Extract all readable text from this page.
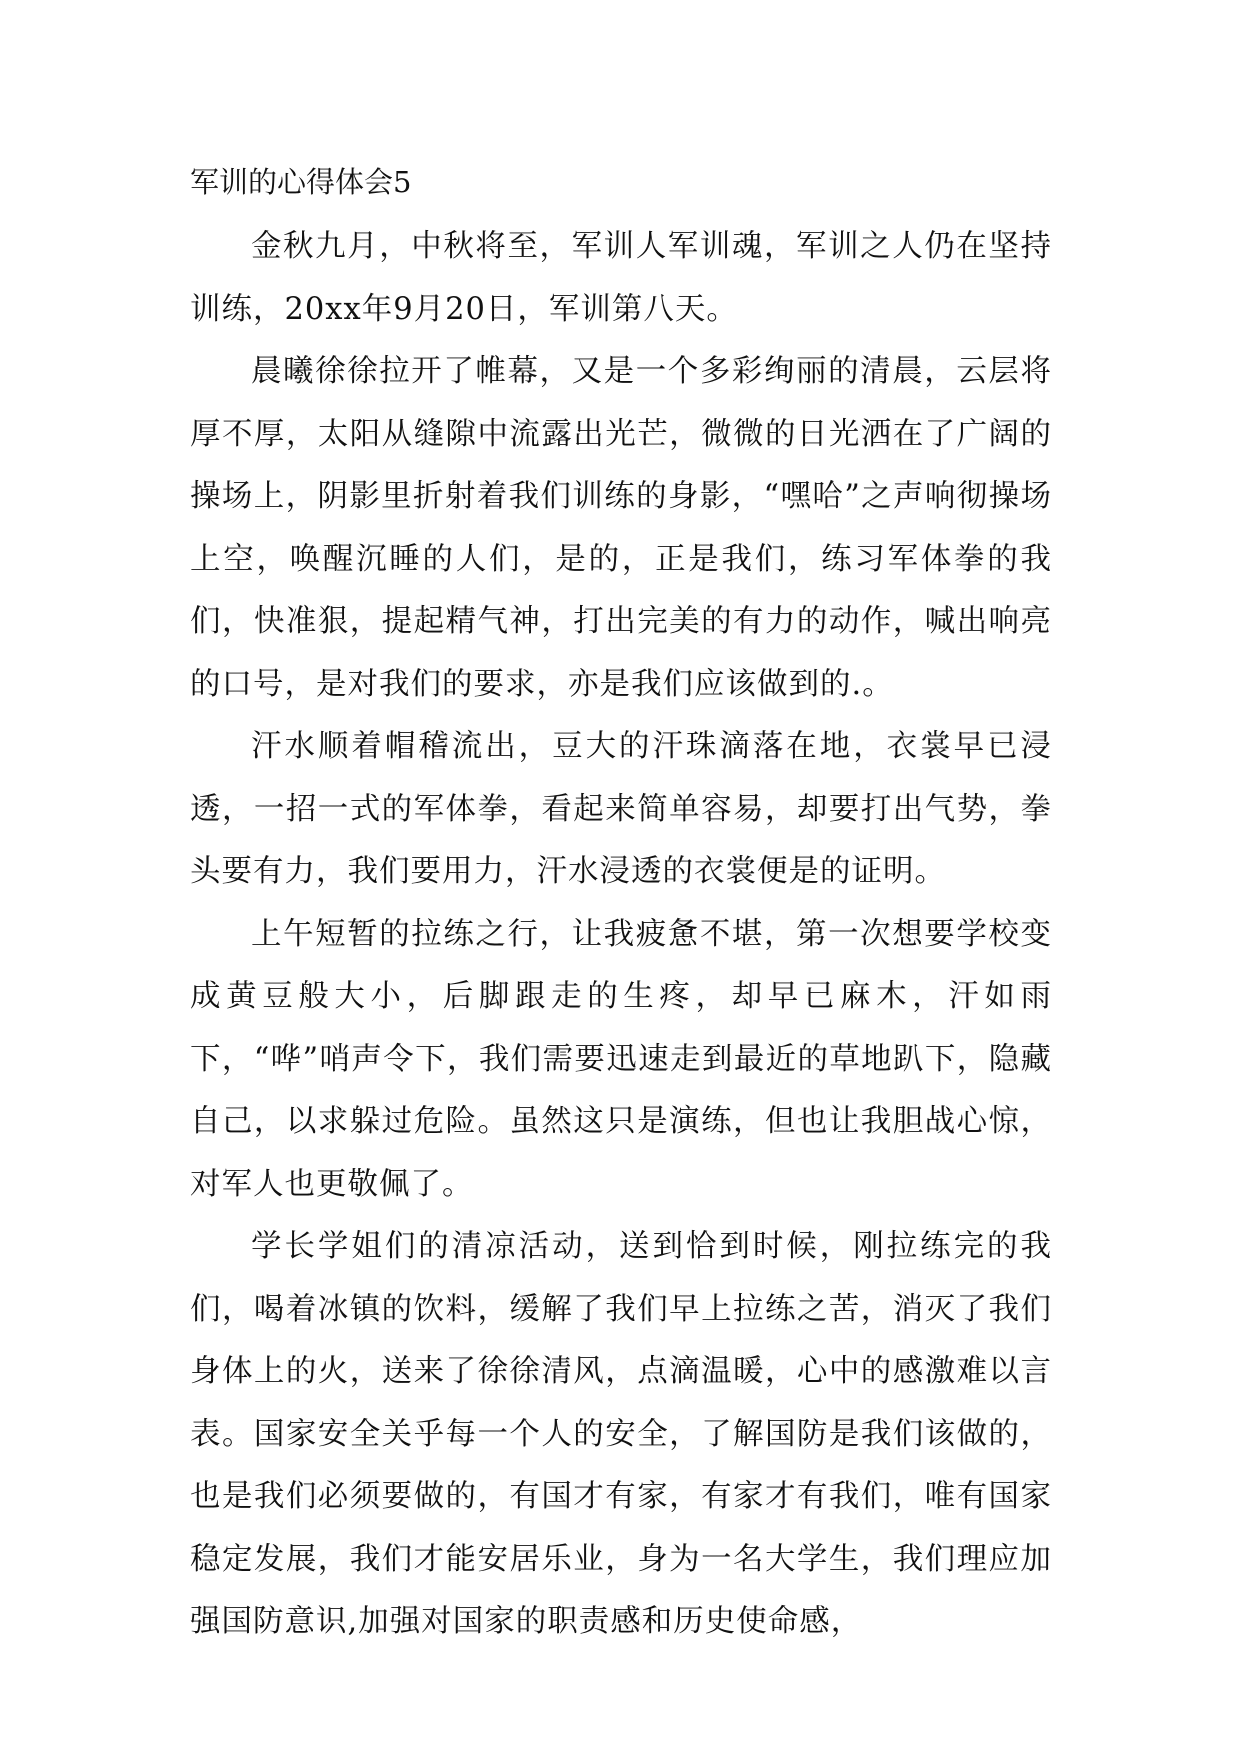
军训的心得体会5

金秋九月，中秋将至，军训人军训魂，军训之人仍在坚持训练，20xx年9月20日，军训第八天。

晨曦徐徐拉开了帷幕，又是一个多彩绚丽的清晨，云层将厚不厚，太阳从缝隙中流露出光芒，微微的日光洒在了广阔的操场上，阴影里折射着我们训练的身影，“嘿哈”之声响彻操场上空，唤醒沉睡的人们，是的，正是我们，练习军体拳的我们，快准狠，提起精气神，打出完美的有力的动作，喊出响亮的口号，是对我们的要求，亦是我们应该做到的.。

汗水顺着帽稽流出，豆大的汗珠滴落在地，衣裳早已浸透，一招一式的军体拳，看起来简单容易，却要打出气势，拳头要有力，我们要用力，汗水浸透的衣裳便是的证明。

上午短暂的拉练之行，让我疲惫不堪，第一次想要学校变成黄豆般大小，后脚跟走的生疼，却早已麻木，汗如雨下，“哗”哨声令下，我们需要迅速走到最近的草地趴下，隐藏自己，以求躲过危险。虽然这只是演练，但也让我胆战心惊，对军人也更敬佩了。

学长学姐们的清凉活动，送到恰到时候，刚拉练完的我们，喝着冰镇的饮料，缓解了我们早上拉练之苦，消灭了我们身体上的火，送来了徐徐清风，点滴温暖，心中的感激难以言表。国家安全关乎每一个人的安全，了解国防是我们该做的，也是我们必须要做的，有国才有家，有家才有我们，唯有国家稳定发展，我们才能安居乐业，身为一名大学生，我们理应加强国防意识,加强对国家的职责感和历史使命感，
